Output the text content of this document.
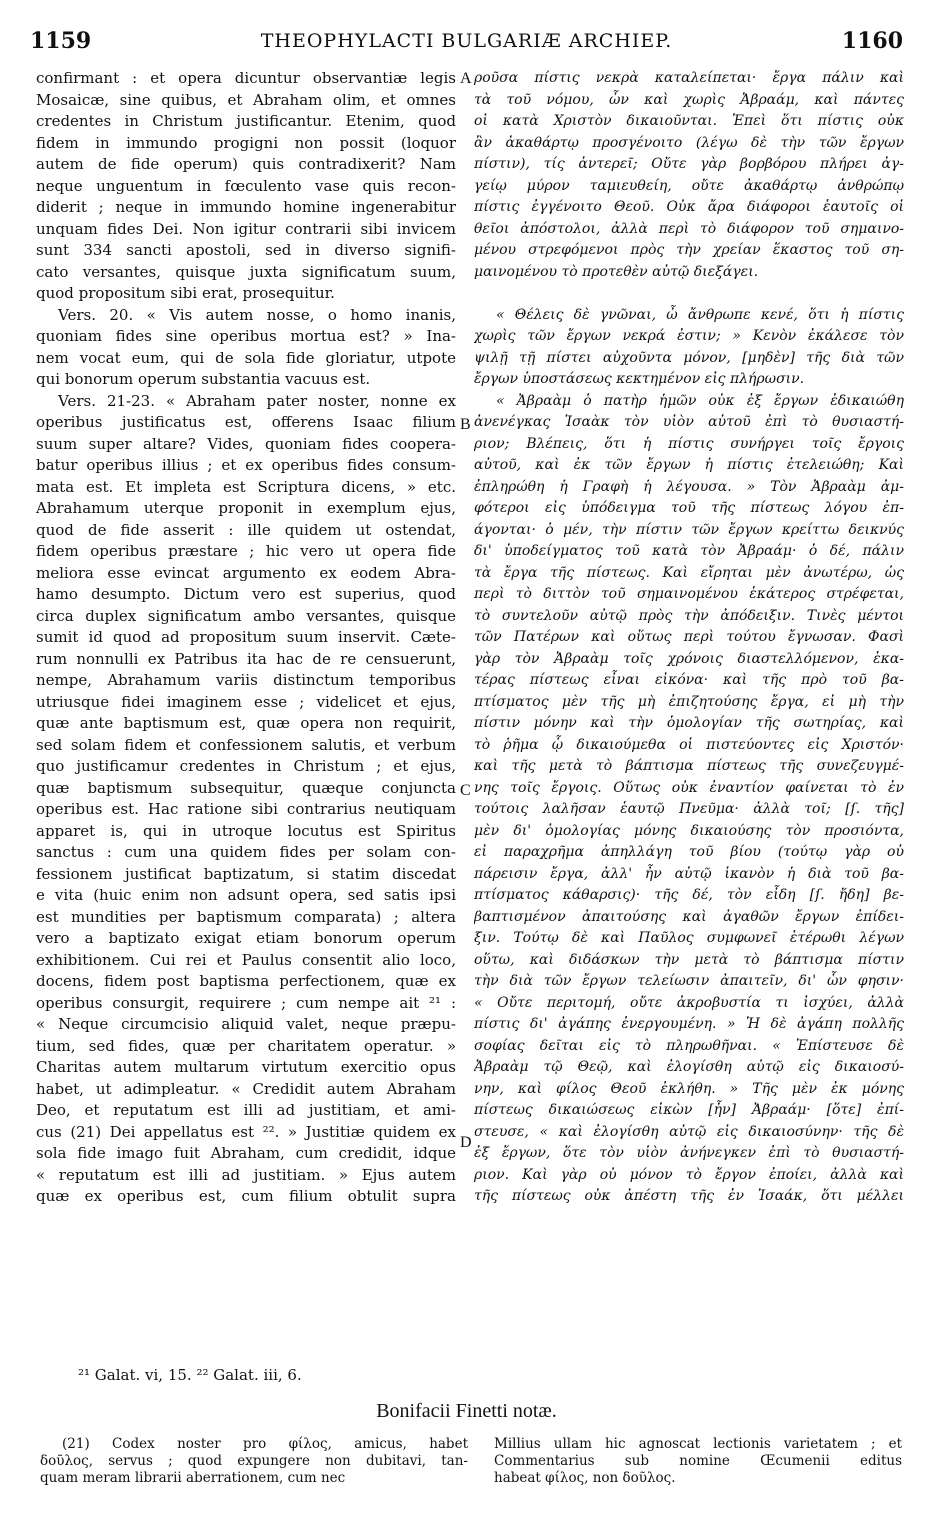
1159	THEOPHYLACTI BULGARIÆ ARCHIEP.	1160
confirmant : et opera dicuntur observantiæ legis
Mosaicæ, sine quibus, et Abraham olim, et omnes
credentes in Christum justificantur. Etenim, quod
fidem in immundo progigni non possit (loquor
autem de fide operum) quis contradixerit? Nam
neque unguentum in fœculento vase quis recon-
diderit ; neque in immundo homine ingenerabitur
unquam fides Dei. Non igitur contrarii sibi invicem
sunt 334 sancti apostoli, sed in diverso signifi-
cato versantes, quisque juxta significatum suum,
quod propositum sibi erat, prosequitur.
Vers. 20. « Vis autem nosse, o homo inanis,
quoniam fides sine operibus mortua est? » Ina-
nem vocat eum, qui de sola fide gloriatur, utpote
qui bonorum operum substantia vacuus est.
Vers. 21-23. « Abraham pater noster, nonne ex
operibus justificatus est, offerens Isaac filium
suum super altare? Vides, quoniam fides coopera-
batur operibus illius ; et ex operibus fides consum-
mata est. Et impleta est Scriptura dicens, » etc.
Abrahamum uterque proponit in exemplum ejus,
quod de fide asserit : ille quidem ut ostendat,
fidem operibus præstare ; hic vero ut opera fide
meliora esse evincat argumento ex eodem Abra-
hamo desumpto. Dictum vero est superius, quod
circa duplex significatum ambo versantes, quisque
sumit id quod ad propositum suum inservit. Cæte-
rum nonnulli ex Patribus ita hac de re censuerunt,
nempe, Abrahamum variis distinctum temporibus
utriusque fidei imaginem esse ; videlicet et ejus,
quæ ante baptismum est, quæ opera non requirit,
sed solam fidem et confessionem salutis, et verbum
quo justificamur credentes in Christum ; et ejus,
quæ baptismum subsequitur, quæque conjuncta
operibus est. Hac ratione sibi contrarius neutiquam
apparet is, qui in utroque locutus est Spiritus
sanctus : cum una quidem fides per solam con-
fessionem justificat baptizatum, si statim discedat
e vita (huic enim non adsunt opera, sed satis ipsi
est mundities per baptismum comparata) ; altera
vero a baptizato exigat etiam bonorum operum
exhibitionem. Cui rei et Paulus consentit alio loco,
docens, fidem post baptisma perfectionem, quæ ex
operibus consurgit, requirere ; cum nempe ait ²¹ :
« Neque circumcisio aliquid valet, neque præpu-
tium, sed fides, quæ per charitatem operatur. »
Charitas autem multarum virtutum exercitio opus
habet, ut adimpleatur. « Credidit autem Abraham
Deo, et reputatum est illi ad justitiam, et ami-
cus (21) Dei appellatus est ²². » Justitiæ quidem ex
sola fide imago fuit Abraham, cum credidit, idque
« reputatum est illi ad justitiam. » Ejus autem
quæ ex operibus est, cum filium obtulit supra
ροῦσα πίστις νεκρὰ καταλείπεται· ἔργα πάλιν καὶ
τὰ τοῦ νόμου, ὧν καὶ χωρὶς Ἀβραάμ, καὶ πάντες
οἱ κατὰ Χριστὸν δικαιοῦνται. Ἐπεὶ ὅτι πίστις οὐκ
ἂν ἀκαθάρτῳ προσγένοιτο (λέγω δὲ τὴν τῶν ἔργων
πίστιν), τίς ἀντερεῖ; Οὔτε γὰρ βορβόρου πλήρει ἀγ-
γείῳ μύρον ταμιευθείη, οὔτε ἀκαθάρτῳ ἀνθρώπῳ
πίστις ἐγγένοιτο Θεοῦ. Οὐκ ἄρα διάφοροι ἑαυτοῖς οἱ
θεῖοι ἀπόστολοι, ἀλλὰ περὶ τὸ διάφορον τοῦ σημαινο-
μένου στρεφόμενοι πρὸς τὴν χρείαν ἕκαστος τοῦ ση-
μαινομένου τὸ προτεθὲν αὐτῷ διεξάγει.
« Θέλεις δὲ γνῶναι, ὦ ἄνθρωπε κενέ, ὅτι ἡ πίστις
χωρὶς τῶν ἔργων νεκρά ἐστιν; » Κενὸν ἐκάλεσε τὸν
ψιλῇ τῇ πίστει αὐχοῦντα μόνον, [μηδὲν] τῆς διὰ τῶν
ἔργων ὑποστάσεως κεκτημένον εἰς πλήρωσιν.
« Ἀβραὰμ ὁ πατὴρ ἡμῶν οὐκ ἐξ ἔργων ἐδικαιώθη
ἀνενέγκας Ἰσαὰκ τὸν υἱὸν αὐτοῦ ἐπὶ τὸ θυσιαστή-
ριον; Βλέπεις, ὅτι ἡ πίστις συνήργει τοῖς ἔργοις
αὐτοῦ, καὶ ἐκ τῶν ἔργων ἡ πίστις ἐτελειώθη; Καὶ
ἐπληρώθη ἡ Γραφὴ ἡ λέγουσα. » Τὸν Ἀβραὰμ ἀμ-
φότεροι εἰς ὑπόδειγμα τοῦ τῆς πίστεως λόγου ἐπ-
άγονται· ὁ μέν, τὴν πίστιν τῶν ἔργων κρείττω δεικνύς
δι' ὑποδείγματος τοῦ κατὰ τὸν Ἀβραάμ· ὁ δέ, πάλιν
τὰ ἔργα τῆς πίστεως. Καὶ εἴρηται μὲν ἀνωτέρω, ὡς
περὶ τὸ διττὸν τοῦ σημαινομένου ἑκάτερος στρέφεται,
τὸ συντελοῦν αὐτῷ πρὸς τὴν ἀπόδειξιν. Τινὲς μέντοι
τῶν Πατέρων καὶ οὕτως περὶ τούτου ἔγνωσαν. Φασὶ
γὰρ τὸν Ἀβραὰμ τοῖς χρόνοις διαστελλόμενον, ἑκα-
τέρας πίστεως εἶναι εἰκόνα· καὶ τῆς πρὸ τοῦ βα-
πτίσματος μὲν τῆς μὴ ἐπιζητούσης ἔργα, εἰ μὴ τὴν
πίστιν μόνην καὶ τὴν ὁμολογίαν τῆς σωτηρίας, καὶ
τὸ ῥῆμα ᾧ δικαιούμεθα οἱ πιστεύοντες εἰς Χριστόν·
καὶ τῆς μετὰ τὸ βάπτισμα πίστεως τῆς συνεζευγμέ-
νης τοῖς ἔργοις. Οὕτως οὐκ ἐναντίον φαίνεται τὸ ἐν
τούτοις λαλῆσαν ἑαυτῷ Πνεῦμα· ἀλλὰ τοῖ; [ſ. τῆς]
μὲν δι' ὁμολογίας μόνης δικαιούσης τὸν προσιόντα,
εἰ παραχρῆμα ἀπηλλάγη τοῦ βίου (τούτῳ γὰρ οὐ
πάρεισιν ἔργα, ἀλλ' ἦν αὐτῷ ἱκανὸν ἡ διὰ τοῦ βα-
πτίσματος κάθαρσις)· τῆς δέ, τὸν εἶδη [ſ. ἤδη] βε-
βαπτισμένον ἀπαιτούσης καὶ ἀγαθῶν ἔργων ἐπίδει-
ξιν. Τούτῳ δὲ καὶ Παῦλος συμφωνεῖ ἑτέρωθι λέγων
οὕτω, καὶ διδάσκων τὴν μετὰ τὸ βάπτισμα πίστιν
τὴν διὰ τῶν ἔργων τελείωσιν ἀπαιτεῖν, δι' ὧν φησιν·
« Οὔτε περιτομή, οὔτε ἀκροβυστία τι ἰσχύει, ἀλλὰ
πίστις δι' ἀγάπης ἐνεργουμένη. » Ἡ δὲ ἀγάπη πολλῆς
σοφίας δεῖται εἰς τὸ πληρωθῆναι. « Ἐπίστευσε δὲ
Ἀβραὰμ τῷ Θεῷ, καὶ ἐλογίσθη αὐτῷ εἰς δικαιοσύ-
νην, καὶ φίλος Θεοῦ ἐκλήθη. » Τῆς μὲν ἐκ μόνης
πίστεως δικαιώσεως εἰκὼν [ἦν] Ἀβραάμ· [ὅτε] ἐπί-
στευσε, « καὶ ἐλογίσθη αὐτῷ εἰς δικαιοσύνην· τῆς δὲ
ἐξ ἔργων, ὅτε τὸν υἱὸν ἀνήνεγκεν ἐπὶ τὸ θυσιαστή-
ριον. Καὶ γὰρ οὐ μόνον τὸ ἔργον ἐποίει, ἀλλὰ καὶ
τῆς πίστεως οὐκ ἀπέστη τῆς ἐν Ἰσαάκ, ὅτι μέλλει
A
B
C
D
²¹ Galat. vi, 15. ²² Galat. iii, 6.
Bonifacii Finetti notæ.
(21) Codex noster pro φίλος, amicus, habet
δοῦλος, servus ; quod expungere non dubitavi, tan-
quam meram librarii aberrationem, cum nec
Millius ullam hic agnoscat lectionis varietatem ; et
Commentarius sub nomine Œcumenii editus
habeat φίλος, non δοῦλος.
